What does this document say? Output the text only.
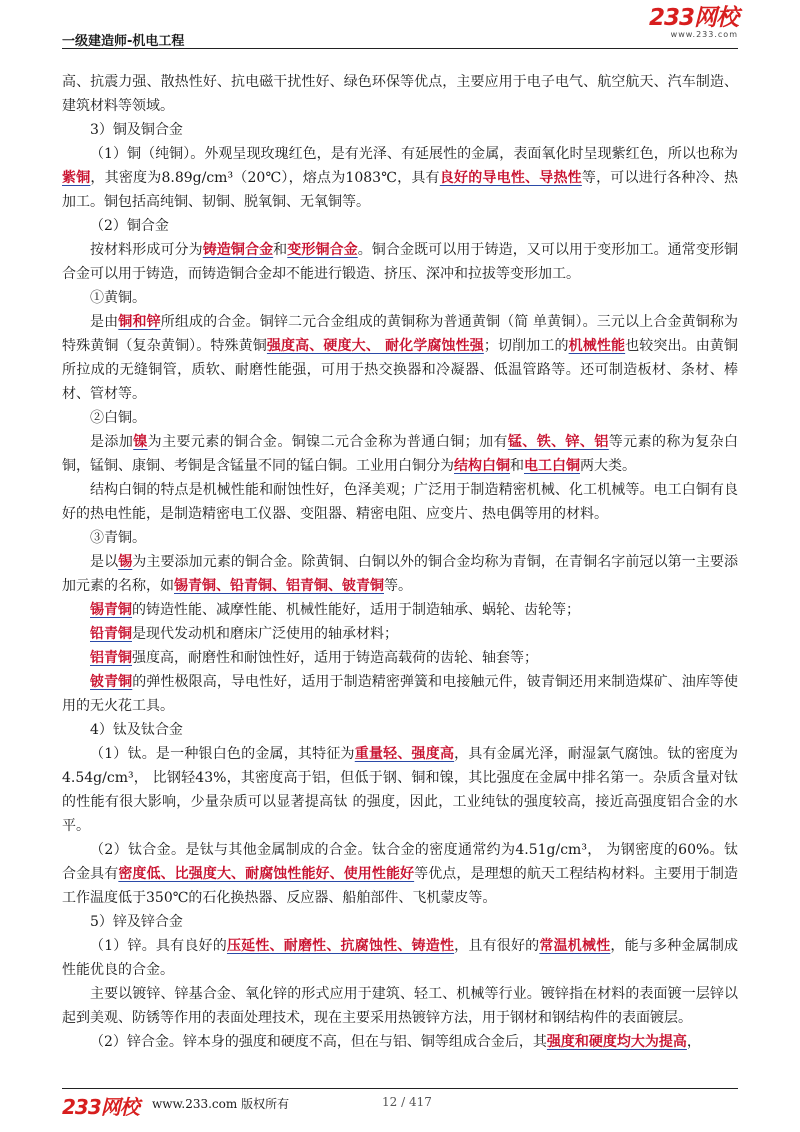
一级建造师-机电工程
233网校
www.233.com

高、抗震力强、散热性好、抗电磁干扰性好、绿色环保等优点，主要应用于电子电气、航空航天、汽车制造、建筑材料等领域。

3）铜及铜合金

（1）铜（纯铜）。外观呈现玫瑰红色，是有光泽、有延展性的金属，表面氧化时呈现紫红色，所以也称为紫铜，其密度为8.89g/cm³（20℃），熔点为1083℃，具有良好的导电性、导热性等，可以进行各种冷、热加工。铜包括高纯铜、韧铜、脱氧铜、无氧铜等。

（2）铜合金

按材料形成可分为铸造铜合金和变形铜合金。铜合金既可以用于铸造，又可以用于变形加工。通常变形铜合金可以用于铸造，而铸造铜合金却不能进行锻造、挤压、深冲和拉拔等变形加工。

①黄铜。

是由铜和锌所组成的合金。铜锌二元合金组成的黄铜称为普通黄铜（简 单黄铜）。三元以上合金黄铜称为特殊黄铜（复杂黄铜）。特殊黄铜强度高、硬度大、 耐化学腐蚀性强；切削加工的机械性能也较突出。由黄铜所拉成的无缝铜管，质软、耐磨性能强，可用于热交换器和冷凝器、低温管路等。还可制造板材、条材、棒材、管材等。

②白铜。

是添加镍为主要元素的铜合金。铜镍二元合金称为普通白铜；加有锰、铁、锌、铝等元素的称为复杂白铜，锰铜、康铜、考铜是含锰量不同的锰白铜。工业用白铜分为结构白铜和电工白铜两大类。

结构白铜的特点是机械性能和耐蚀性好，色泽美观；广泛用于制造精密机械、化工机械等。电工白铜有良好的热电性能，是制造精密电工仪器、变阻器、精密电阻、应变片、热电偶等用的材料。

③青铜。

是以锡为主要添加元素的铜合金。除黄铜、白铜以外的铜合金均称为青铜，在青铜名字前冠以第一主要添加元素的名称，如锡青铜、铅青铜、铝青铜、铍青铜等。

锡青铜的铸造性能、减摩性能、机械性能好，适用于制造轴承、蜗轮、齿轮等；

铅青铜是现代发动机和磨床广泛使用的轴承材料；

铝青铜强度高，耐磨性和耐蚀性好，适用于铸造高载荷的齿轮、轴套等；

铍青铜的弹性极限高，导电性好，适用于制造精密弹簧和电接触元件，铍青铜还用来制造煤矿、油库等使用的无火花工具。

4）钛及钛合金

（1）钛。是一种银白色的金属，其特征为重量轻、强度高，具有金属光泽，耐湿氯气腐蚀。钛的密度为4.54g/cm³， 比钢轻43%，其密度高于铝，但低于钢、铜和镍，其比强度在金属中排名第一。杂质含量对钛的性能有很大影响，少量杂质可以显著提高钛 的强度，因此，工业纯钛的强度较高，接近高强度铝合金的水平。

（2）钛合金。是钛与其他金属制成的合金。钛合金的密度通常约为4.51g/cm³， 为钢密度的60%。钛合金具有密度低、比强度大、耐腐蚀性能好、使用性能好等优点，是理想的航天工程结构材料。主要用于制造工作温度低于350℃的石化换热器、反应器、船舶部件、飞机蒙皮等。

5）锌及锌合金

（1）锌。具有良好的压延性、耐磨性、抗腐蚀性、铸造性，且有很好的常温机械性，能与多种金属制成性能优良的合金。

主要以镀锌、锌基合金、氧化锌的形式应用于建筑、轻工、机械等行业。镀锌指在材料的表面镀一层锌以起到美观、防锈等作用的表面处理技术，现在主要采用热镀锌方法，用于钢材和钢结构件的表面镀层。

（2）锌合金。锌本身的强度和硬度不高，但在与铝、铜等组成合金后，其强度和硬度均大为提高，

233网校 www.233.com 版权所有	12 / 417
